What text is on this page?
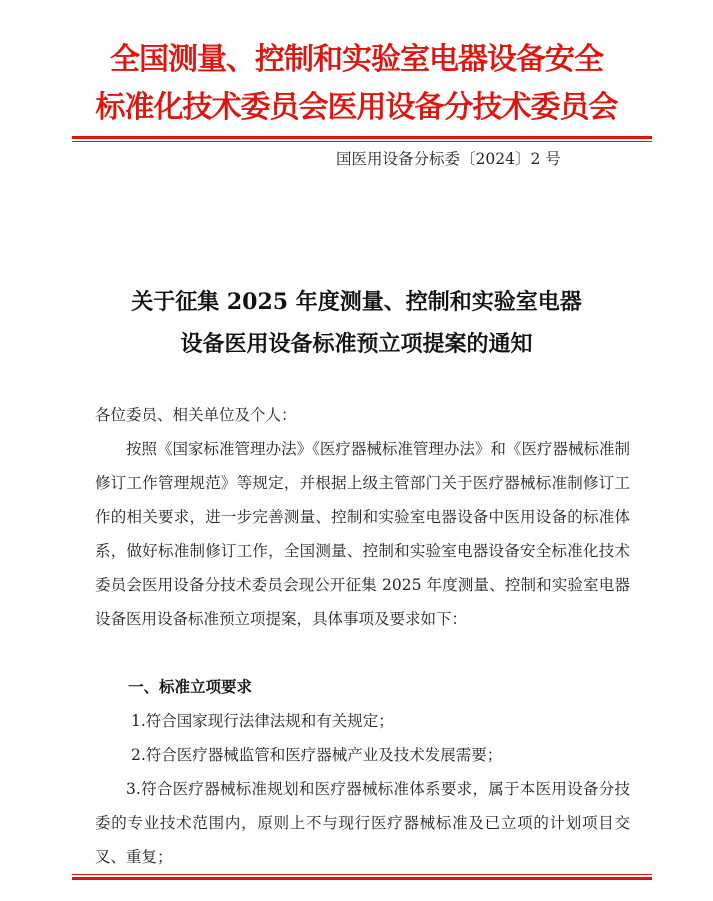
全国测量、控制和实验室电器设备安全
标准化技术委员会医用设备分技术委员会
国医用设备分标委〔2024〕2 号
关于征集 2025 年度测量、控制和实验室电器
设备医用设备标准预立项提案的通知
各位委员、相关单位及个人：
按照《国家标准管理办法》《医疗器械标准管理办法》和《医疗器械标准制修订工作管理规范》等规定，并根据上级主管部门关于医疗器械标准制修订工作的相关要求，进一步完善测量、控制和实验室电器设备中医用设备的标准体系，做好标准制修订工作，全国测量、控制和实验室电器设备安全标准化技术委员会医用设备分技术委员会现公开征集 2025 年度测量、控制和实验室电器设备医用设备标准预立项提案，具体事项及要求如下：
一、标准立项要求
1.符合国家现行法律法规和有关规定；
2.符合医疗器械监管和医疗器械产业及技术发展需要；
3.符合医疗器械标准规划和医疗器械标准体系要求，属于本医用设备分技委的专业技术范围内，原则上不与现行医疗器械标准及已立项的计划项目交叉、重复；
